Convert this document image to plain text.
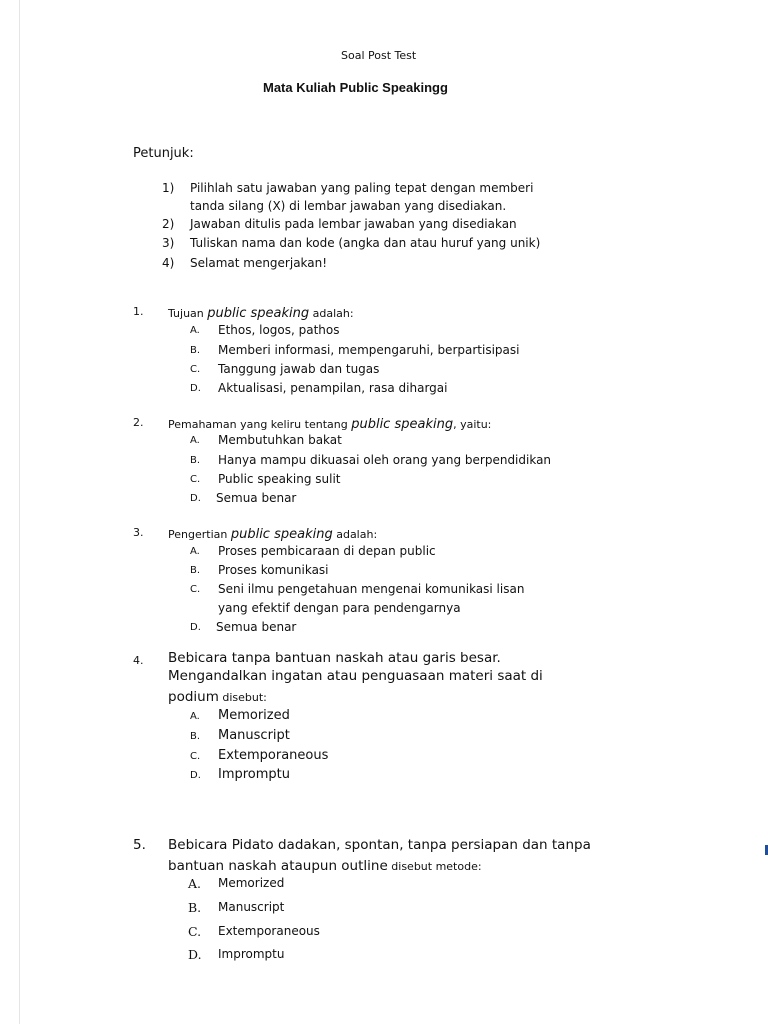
Soal Post Test
Mata Kuliah Public Speakingg
Petunjuk:
1) Pilihlah satu jawaban yang paling tepat dengan memberi
tanda silang (X) di lembar jawaban yang disediakan.
2) Jawaban ditulis pada lembar jawaban yang disediakan
3) Tuliskan nama dan kode (angka dan atau huruf yang unik)
4) Selamat mengerjakan!
1. Tujuan public speaking adalah:
A. Ethos, logos, pathos
B. Memberi informasi, mempengaruhi, berpartisipasi
C. Tanggung jawab dan tugas
D. Aktualisasi, penampilan, rasa dihargai
2. Pemahaman yang keliru tentang public speaking, yaitu:
A. Membutuhkan bakat
B. Hanya mampu dikuasai oleh orang yang berpendidikan
C. Public speaking sulit
D. Semua benar
3. Pengertian public speaking adalah:
A. Proses pembicaraan di depan public
B. Proses komunikasi
C. Seni ilmu pengetahuan mengenai komunikasi lisan
yang efektif dengan para pendengarnya
D. Semua benar
4. Bebicara tanpa bantuan naskah atau garis besar.
Mengandalkan ingatan atau penguasaan materi saat di
podium disebut:
A. Memorized
B. Manuscript
C. Extemporaneous
D. Impromptu
5. Bebicara Pidato dadakan, spontan, tanpa persiapan dan tanpa
bantuan naskah ataupun outline disebut metode:
A. Memorized
B. Manuscript
C. Extemporaneous
D. Impromptu
